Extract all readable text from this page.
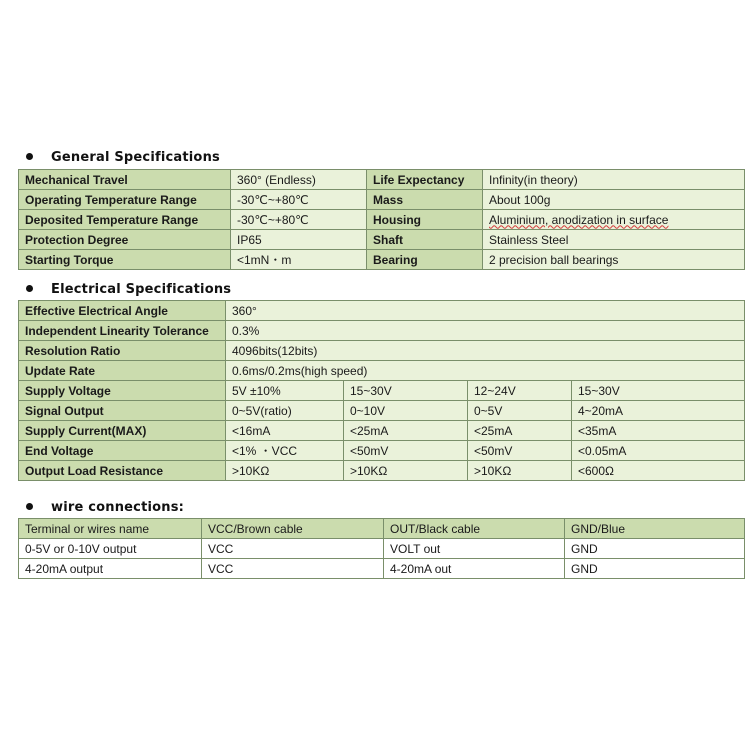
General Specifications
Mechanical Travel	360° (Endless)	Life Expectancy	Infinity(in theory)
Operating Temperature Range	-30℃~+80℃	Mass	About 100g
Deposited Temperature Range	-30℃~+80℃	Housing	Aluminium, anodization in surface
Protection Degree	IP65	Shaft	Stainless Steel
Starting Torque	<1mN・m	Bearing	2 precision ball bearings
Electrical Specifications
Effective Electrical Angle	360°			
Independent Linearity Tolerance	0.3%			
Resolution Ratio	4096bits(12bits)			
Update Rate	0.6ms/0.2ms(high speed)			
Supply Voltage	5V ±10%	15~30V	12~24V	15~30V
Signal Output	0~5V(ratio)	0~10V	0~5V	4~20mA
Supply Current(MAX)	<16mA	<25mA	<25mA	<35mA
End Voltage	<1% ・VCC	<50mV	<50mV	<0.05mA
Output Load Resistance	>10KΩ	>10KΩ	>10KΩ	<600Ω
wire connections:
Terminal or wires name	VCC/Brown cable	OUT/Black cable	GND/Blue
0-5V or 0-10V output	VCC	VOLT out	GND
4-20mA output	VCC	4-20mA out	GND
